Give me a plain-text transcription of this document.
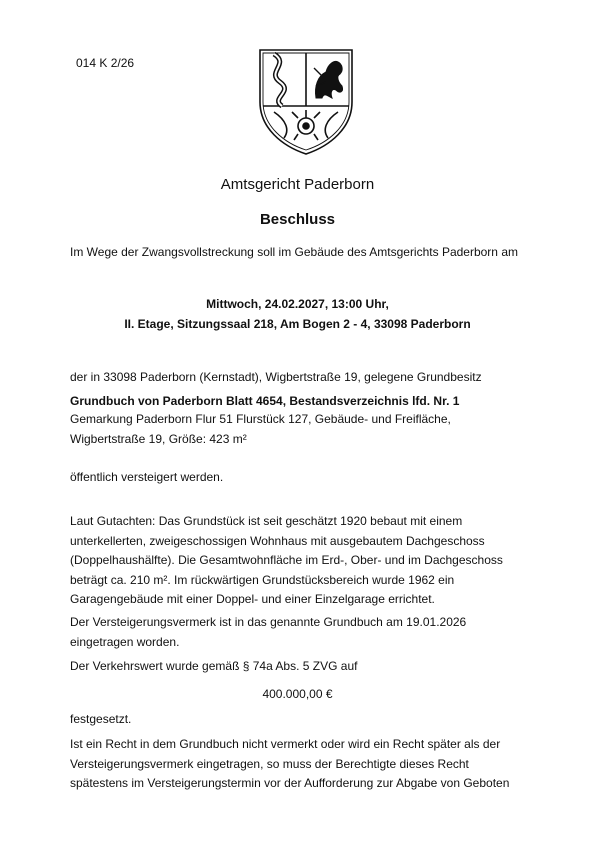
014 K 2/26
Amtsgericht Paderborn
Beschluss
Im Wege der Zwangsvollstreckung soll im Gebäude des Amtsgerichts Paderborn am
Mittwoch, 24.02.2027, 13:00 Uhr,
II. Etage, Sitzungssaal 218, Am Bogen 2 - 4, 33098 Paderborn
der in 33098 Paderborn (Kernstadt), Wigbertstraße 19, gelegene Grundbesitz
Grundbuch von Paderborn Blatt 4654, Bestandsverzeichnis lfd. Nr. 1
Gemarkung Paderborn Flur 51 Flurstück 127, Gebäude- und Freifläche,
Wigbertstraße 19, Größe: 423 m²
öffentlich versteigert werden.
Laut Gutachten: Das Grundstück ist seit geschätzt 1920 bebaut mit einem
unterkellerten, zweigeschossigen Wohnhaus mit ausgebautem Dachgeschoss
(Doppelhaushälfte). Die Gesamtwohnfläche im Erd-, Ober- und im Dachgeschoss
beträgt ca. 210 m². Im rückwärtigen Grundstücksbereich wurde 1962 ein
Garagengebäude mit einer Doppel- und einer Einzelgarage errichtet.
Der Versteigerungsvermerk ist in das genannte Grundbuch am 19.01.2026
eingetragen worden.
Der Verkehrswert wurde gemäß § 74a Abs. 5 ZVG auf
400.000,00 €
festgesetzt.
Ist ein Recht in dem Grundbuch nicht vermerkt oder wird ein Recht später als der
Versteigerungsvermerk eingetragen, so muss der Berechtigte dieses Recht
spätestens im Versteigerungstermin vor der Aufforderung zur Abgabe von Geboten
